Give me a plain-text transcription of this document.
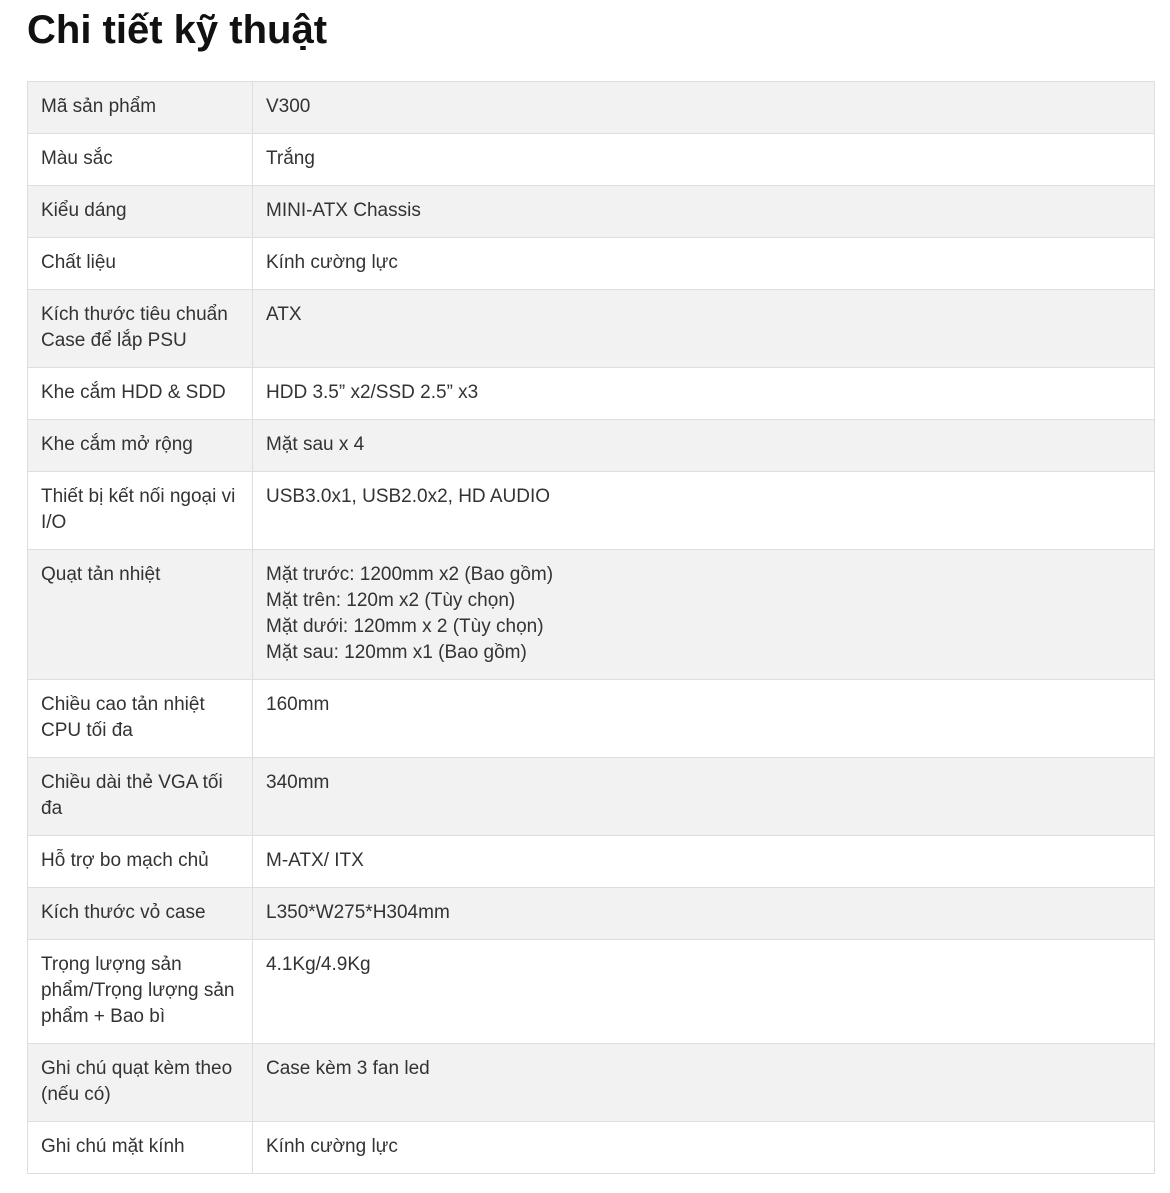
Chi tiết kỹ thuật
Mã sản phẩm	V300
Màu sắc	Trắng
Kiểu dáng	MINI-ATX Chassis
Chất liệu	Kính cường lực
Kích thước tiêu chuẩn Case để lắp PSU	ATX
Khe cắm HDD & SDD	HDD 3.5” x2/SSD 2.5” x3
Khe cắm mở rộng	Mặt sau x 4
Thiết bị kết nối ngoại vi I/O	USB3.0x1, USB2.0x2, HD AUDIO
Quạt tản nhiệt	Mặt trước: 1200mm x2 (Bao gồm)
Mặt trên: 120m x2 (Tùy chọn)
Mặt dưới: 120mm x 2 (Tùy chọn)
Mặt sau: 120mm x1 (Bao gồm)
Chiều cao tản nhiệt CPU tối đa	160mm
Chiều dài thẻ VGA tối đa	340mm
Hỗ trợ bo mạch chủ	M-ATX/ ITX
Kích thước vỏ case	L350*W275*H304mm
Trọng lượng sản phẩm/Trọng lượng sản phẩm + Bao bì	4.1Kg/4.9Kg
Ghi chú quạt kèm theo (nếu có)	Case kèm 3 fan led
Ghi chú mặt kính	Kính cường lực
